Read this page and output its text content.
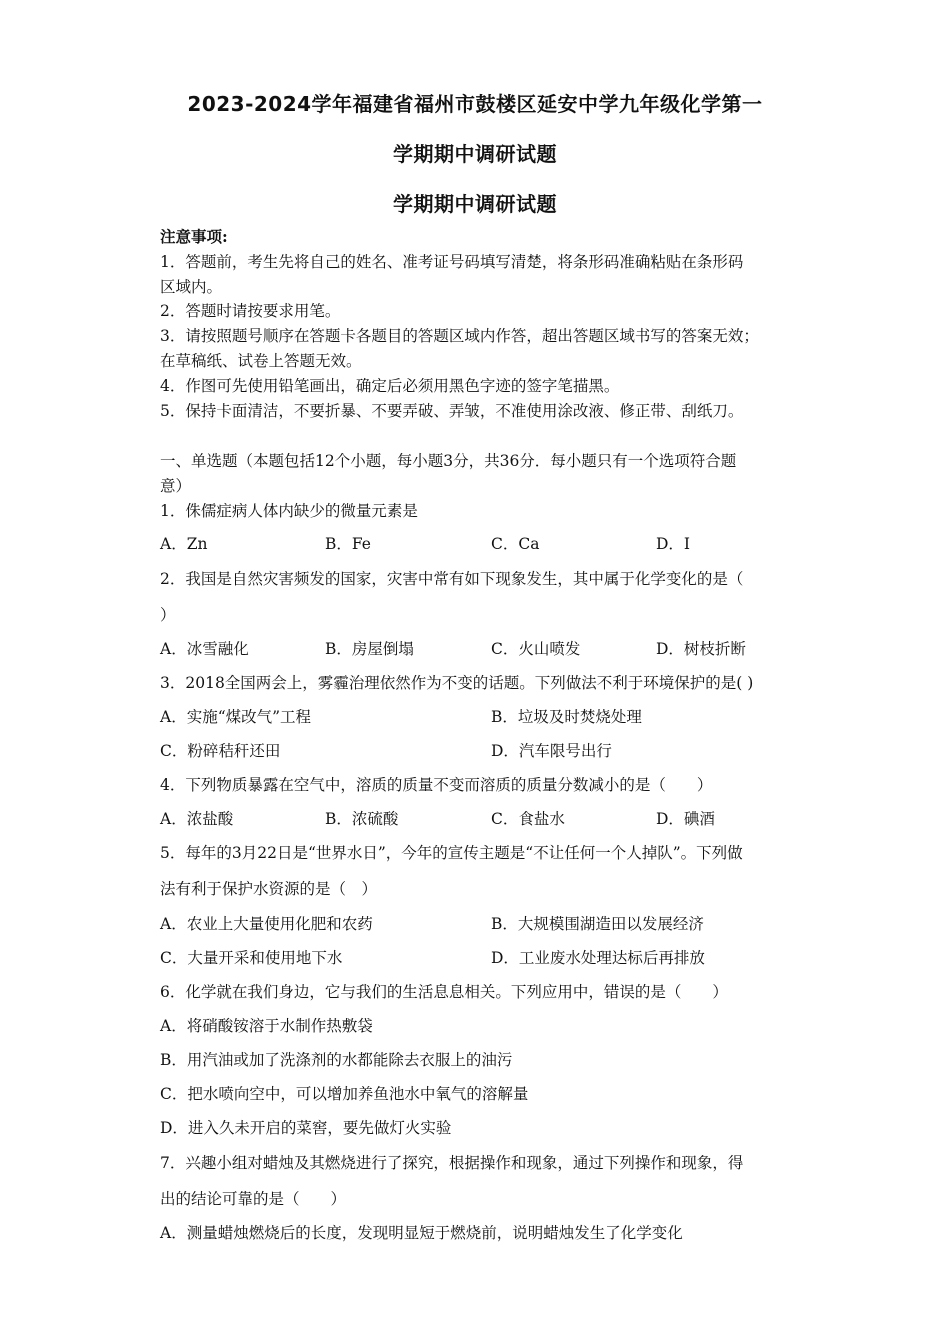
2023-2024学年福建省福州市鼓楼区延安中学九年级化学第一
学期期中调研试题
学期期中调研试题
注意事项:
1．答题前，考生先将自己的姓名、准考证号码填写清楚，将条形码准确粘贴在条形码
区域内。
2．答题时请按要求用笔。
3．请按照题号顺序在答题卡各题目的答题区域内作答，超出答题区域书写的答案无效；
在草稿纸、试卷上答题无效。
4．作图可先使用铅笔画出，确定后必须用黑色字迹的签字笔描黑。
5．保持卡面清洁，不要折暴、不要弄破、弄皱，不准使用涂改液、修正带、刮纸刀。
一、单选题（本题包括12个小题，每小题3分，共36分．每小题只有一个选项符合题
意）
1．侏儒症病人体内缺少的微量元素是
A．Zn	B．Fe	C．Ca	D．I
2．我国是自然灾害频发的国家，灾害中常有如下现象发生，其中属于化学变化的是（
）
A．冰雪融化	B．房屋倒塌	C．火山喷发	D．树枝折断
3．2018全国两会上，雾霾治理依然作为不变的话题。下列做法不利于环境保护的是( )
A．实施“煤改气”工程	B．垃圾及时焚烧处理
C．粉碎秸秆还田	D．汽车限号出行
4．下列物质暴露在空气中，溶质的质量不变而溶质的质量分数减小的是（　　）
A．浓盐酸	B．浓硫酸	C．食盐水	D．碘酒
5．每年的3月22日是“世界水日”，今年的宣传主题是“不让任何一个人掉队”。下列做
法有利于保护水资源的是（　）
A．农业上大量使用化肥和农药	B．大规模围湖造田以发展经济
C．大量开采和使用地下水	D．工业废水处理达标后再排放
6．化学就在我们身边，它与我们的生活息息相关。下列应用中，错误的是（　　）
A．将硝酸铵溶于水制作热敷袋
B．用汽油或加了洗涤剂的水都能除去衣服上的油污
C．把水喷向空中，可以增加养鱼池水中氧气的溶解量
D．进入久未开启的菜窖，要先做灯火实验
7．兴趣小组对蜡烛及其燃烧进行了探究，根据操作和现象，通过下列操作和现象，得
出的结论可靠的是（　　）
A．测量蜡烛燃烧后的长度，发现明显短于燃烧前，说明蜡烛发生了化学变化
